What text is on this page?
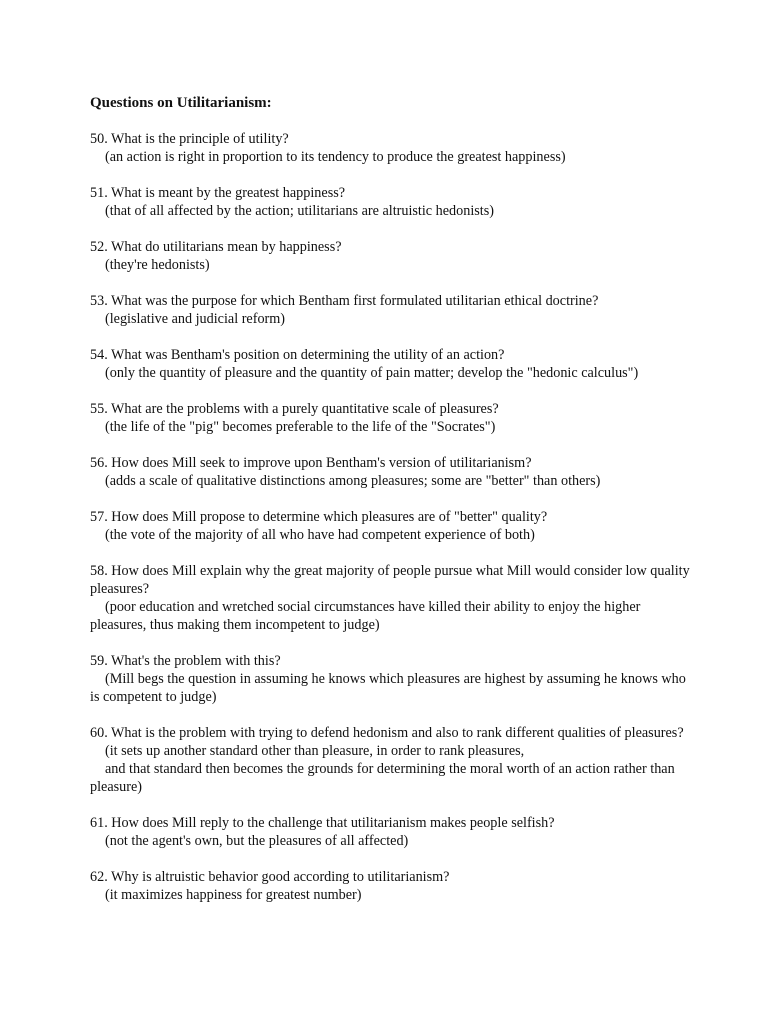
Questions on Utilitarianism:
50. What is the principle of utility?
(an action is right in proportion to its tendency to produce the greatest happiness)
51. What is meant by the greatest happiness?
(that of all affected by the action; utilitarians are altruistic hedonists)
52. What do utilitarians mean by happiness?
(they're hedonists)
53. What was the purpose for which Bentham first formulated utilitarian ethical doctrine?
(legislative and judicial reform)
54. What was Bentham's position on determining the utility of an action?
(only the quantity of pleasure and the quantity of pain matter; develop the "hedonic calculus")
55. What are the problems with a purely quantitative scale of pleasures?
(the life of the "pig" becomes preferable to the life of the "Socrates")
56. How does Mill seek to improve upon Bentham's version of utilitarianism?
(adds a scale of qualitative distinctions among pleasures; some are "better" than others)
57. How does Mill propose to determine which pleasures are of "better" quality?
(the vote of the majority of all who have had competent experience of both)
58. How does Mill explain why the great majority of people pursue what Mill would consider low quality pleasures?
(poor education and wretched social circumstances have killed their ability to enjoy the higher pleasures, thus making them incompetent to judge)
59. What's the problem with this?
(Mill begs the question in assuming he knows which pleasures are highest by assuming he knows who is competent to judge)
60. What is the problem with trying to defend hedonism and also to rank different qualities of pleasures?
(it sets up another standard other than pleasure, in order to rank pleasures,
and that standard then becomes the grounds for determining the moral worth of an action rather than pleasure)
61. How does Mill reply to the challenge that utilitarianism makes people selfish?
(not the agent's own, but the pleasures of all affected)
62. Why is altruistic behavior good according to utilitarianism?
(it maximizes happiness for greatest number)
